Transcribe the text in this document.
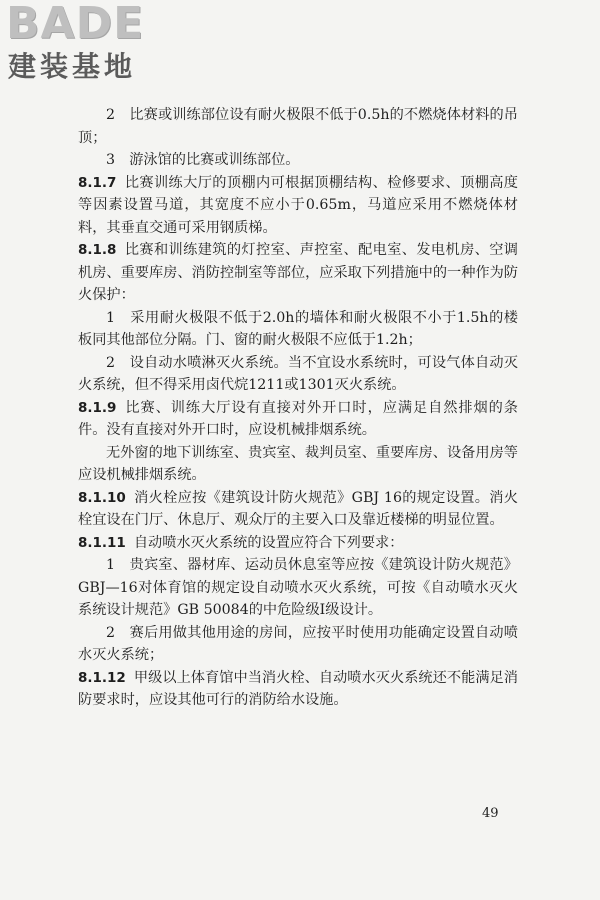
BADE
建装基地

2　比赛或训练部位设有耐火极限不低于0.5h的不燃烧体材料的吊顶；

3　游泳馆的比赛或训练部位。

8.1.7 比赛训练大厅的顶棚内可根据顶棚结构、检修要求、顶棚高度等因素设置马道，其宽度不应小于0.65m，马道应采用不燃烧体材料，其垂直交通可采用钢质梯。

8.1.8 比赛和训练建筑的灯控室、声控室、配电室、发电机房、空调机房、重要库房、消防控制室等部位，应采取下列措施中的一种作为防火保护：

1　采用耐火极限不低于2.0h的墙体和耐火极限不小于1.5h的楼板同其他部位分隔。门、窗的耐火极限不应低于1.2h；

2　设自动水喷淋灭火系统。当不宜设水系统时，可设气体自动灭火系统，但不得采用卤代烷1211或1301灭火系统。

8.1.9 比赛、训练大厅设有直接对外开口时，应满足自然排烟的条件。没有直接对外开口时，应设机械排烟系统。

无外窗的地下训练室、贵宾室、裁判员室、重要库房、设备用房等应设机械排烟系统。

8.1.10 消火栓应按《建筑设计防火规范》GBJ 16的规定设置。消火栓宜设在门厅、休息厅、观众厅的主要入口及靠近楼梯的明显位置。

8.1.11 自动喷水灭火系统的设置应符合下列要求：

1　贵宾室、器材库、运动员休息室等应按《建筑设计防火规范》GBJ—16对体育馆的规定设自动喷水灭火系统，可按《自动喷水灭火系统设计规范》GB 50084的中危险级Ⅰ级设计。

2　赛后用做其他用途的房间，应按平时使用功能确定设置自动喷水灭火系统；

8.1.12 甲级以上体育馆中当消火栓、自动喷水灭火系统还不能满足消防要求时，应设其他可行的消防给水设施。

49
